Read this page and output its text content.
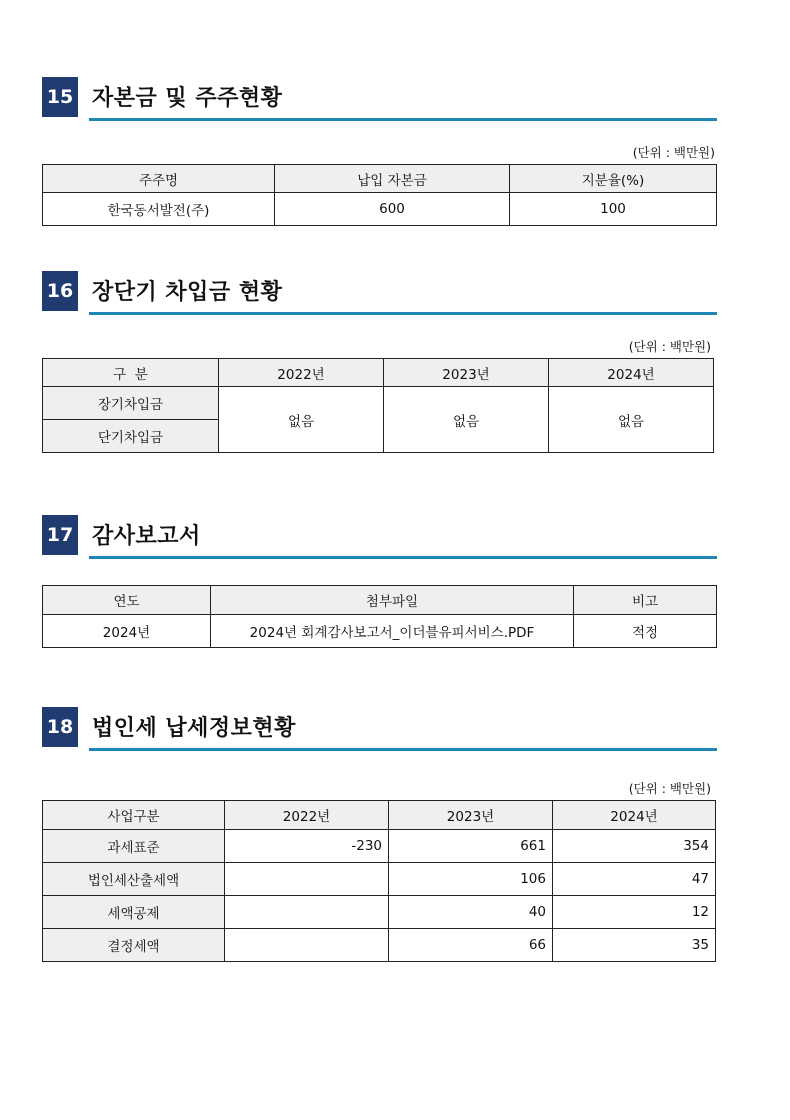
15 자본금 및 주주현황
(단위 : 백만원)
주주명	납입 자본금	지분율(%)
한국동서발전(주)	600	100
16 장단기 차입금 현황
(단위 : 백만원)
구  분	2022년	2023년	2024년
장기차입금	없음	없음	없음
단기차입금			
17 감사보고서
연도	첨부파일	비고
2024년	2024년 회계감사보고서_이더블유피서비스.PDF	적정
18 법인세 납세정보현황
(단위 : 백만원)
사업구분	2022년	2023년	2024년
과세표준	-230	661	354
법인세산출세액		106	47
세액공제		40	12
결정세액		66	35
